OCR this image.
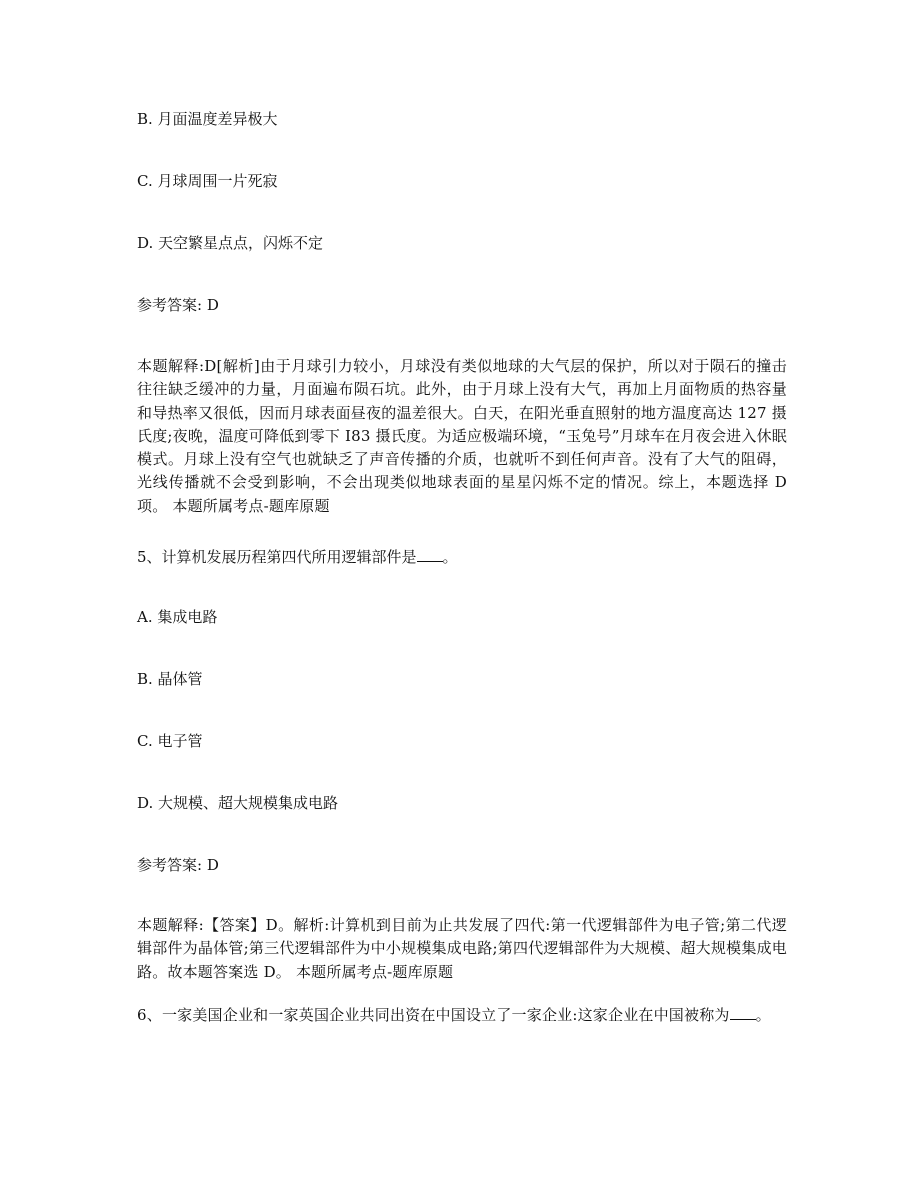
B. 月面温度差异极大
C. 月球周围一片死寂
D. 天空繁星点点，闪烁不定
参考答案: D
本题解释:D[解析]由于月球引力较小，月球没有类似地球的大气层的保护，所以对于陨石的撞击往往缺乏缓冲的力量，月面遍布陨石坑。此外，由于月球上没有大气，再加上月面物质的热容量和导热率又很低，因而月球表面昼夜的温差很大。白天，在阳光垂直照射的地方温度高达 127 摄氏度;夜晚，温度可降低到零下 I83 摄氏度。为适应极端环境，“玉兔号”月球车在月夜会进入休眠模式。月球上没有空气也就缺乏了声音传播的介质，也就听不到任何声音。没有了大气的阻碍，光线传播就不会受到影响，不会出现类似地球表面的星星闪烁不定的情况。综上，本题选择 D 项。 本题所属考点-题库原题
5、计算机发展历程第四代所用逻辑部件是 。
A. 集成电路
B. 晶体管
C. 电子管
D. 大规模、超大规模集成电路
参考答案: D
本题解释:【答案】D。解析:计算机到目前为止共发展了四代:第一代逻辑部件为电子管;第二代逻辑部件为晶体管;第三代逻辑部件为中小规模集成电路;第四代逻辑部件为大规模、超大规模集成电路。故本题答案选 D。 本题所属考点-题库原题
6、一家美国企业和一家英国企业共同出资在中国设立了一家企业:这家企业在中国被称为 。
